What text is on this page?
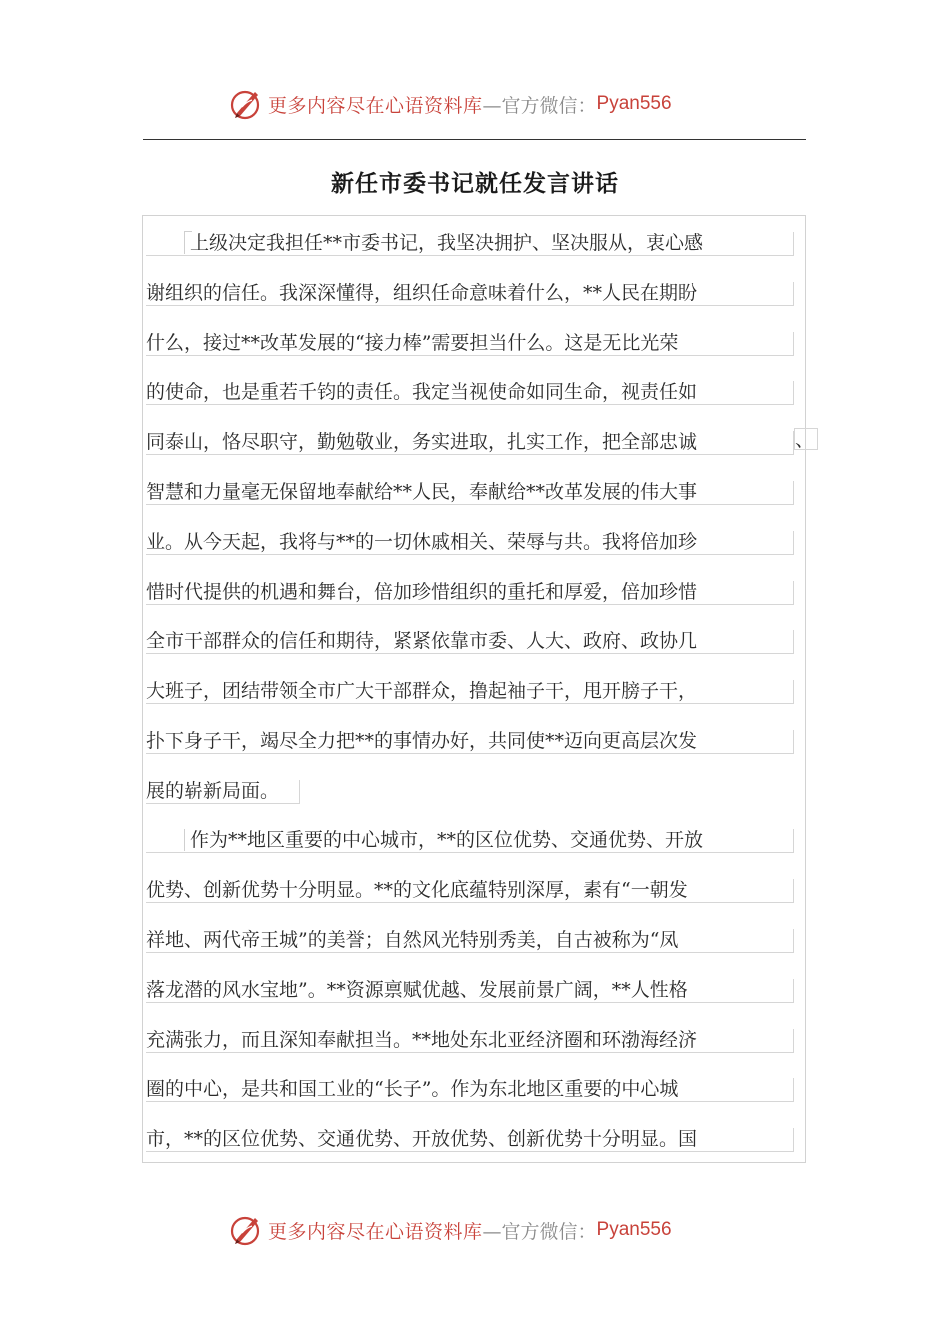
更多内容尽在心语资料库 —官方微信： Pyan556
新任市委书记就任发言讲话
上级决定我担任**市委书记，我坚决拥护、坚决服从，衷心感
谢组织的信任。我深深懂得，组织任命意味着什么，**人民在期盼
什么，接过**改革发展的“接力棒”需要担当什么。这是无比光荣
的使命，也是重若千钧的责任。我定当视使命如同生命，视责任如
同泰山，恪尽职守，勤勉敬业，务实进取，扎实工作，把全部忠诚	、
智慧和力量毫无保留地奉献给**人民，奉献给**改革发展的伟大事
业。从今天起，我将与**的一切休戚相关、荣辱与共。我将倍加珍
惜时代提供的机遇和舞台，倍加珍惜组织的重托和厚爱，倍加珍惜
全市干部群众的信任和期待，紧紧依靠市委、人大、政府、政协几
大班子，团结带领全市广大干部群众，撸起袖子干，甩开膀子干，
扑下身子干，竭尽全力把**的事情办好，共同使**迈向更高层次发
展的崭新局面。
作为**地区重要的中心城市，**的区位优势、交通优势、开放
优势、创新优势十分明显。**的文化底蕴特别深厚，素有“一朝发
祥地、两代帝王城”的美誉；自然风光特别秀美，自古被称为“凤
落龙潜的风水宝地”。**资源禀赋优越、发展前景广阔，**人性格
充满张力，而且深知奉献担当。**地处东北亚经济圈和环渤海经济
圈的中心，是共和国工业的“长子”。作为东北地区重要的中心城
市，**的区位优势、交通优势、开放优势、创新优势十分明显。国
更多内容尽在心语资料库 —官方微信： Pyan556
